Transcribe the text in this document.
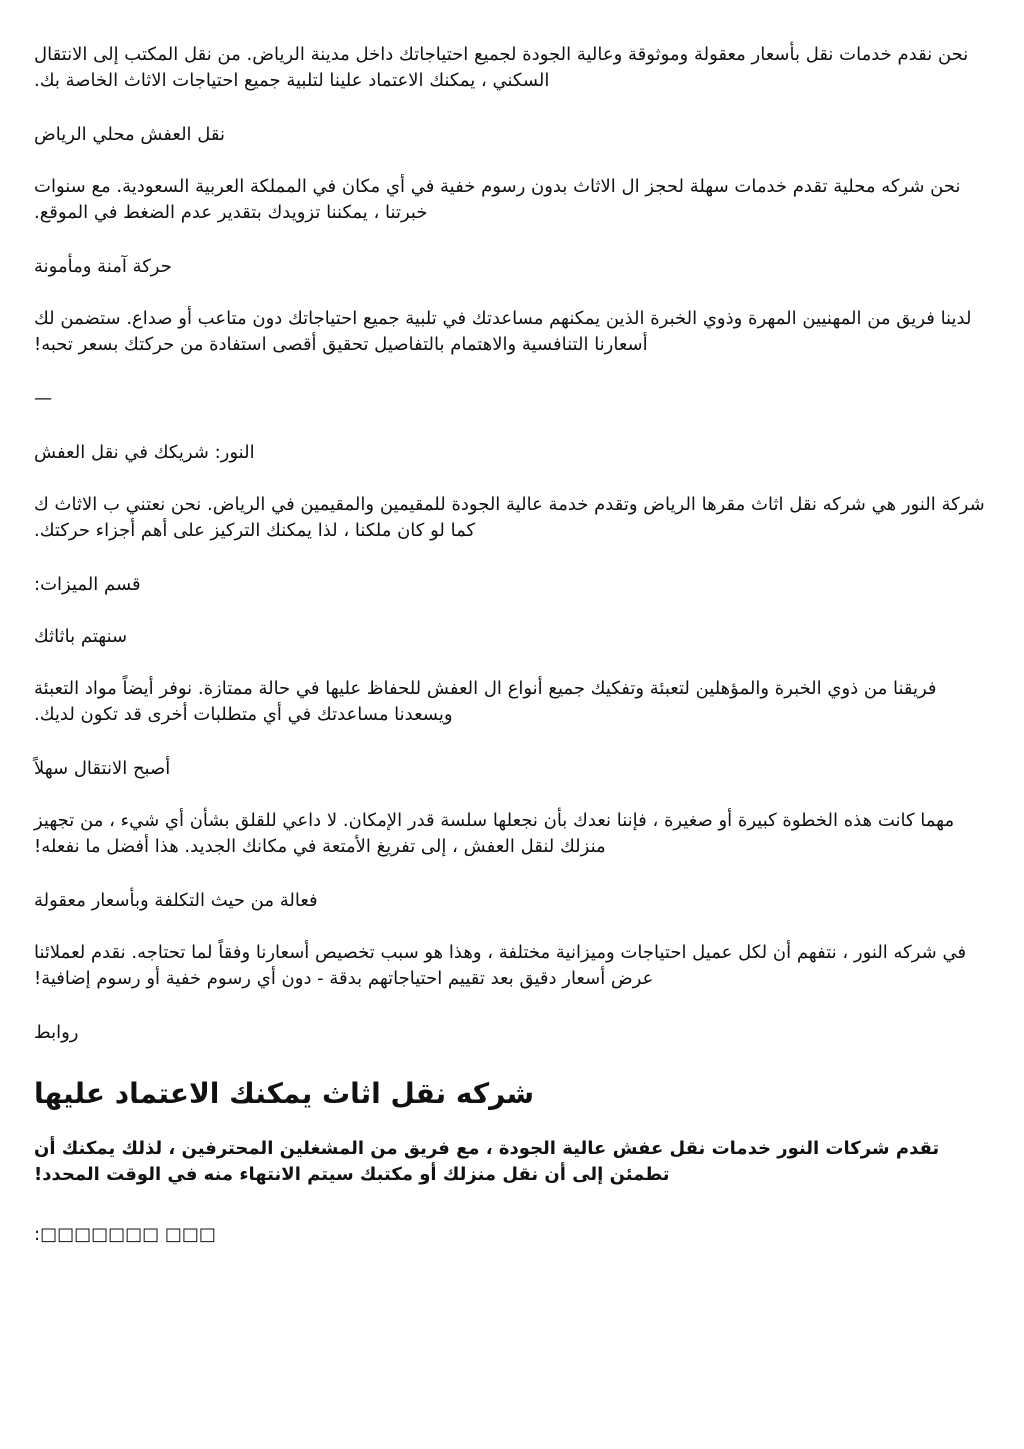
نحن نقدم خدمات نقل بأسعار معقولة وموثوقة وعالية الجودة لجميع احتياجاتك داخل مدينة الرياض. من نقل المكتب إلى الانتقال السكني ، يمكنك الاعتماد علينا لتلبية جميع احتياجات الاثاث الخاصة بك.

نقل العفش محلي الرياض

نحن شركه محلية تقدم خدمات سهلة لحجز ال الاثاث بدون رسوم خفية في أي مكان في المملكة العربية السعودية. مع سنوات خبرتنا ، يمكننا تزويدك بتقدير عدم الضغط في الموقع.

حركة آمنة ومأمونة

لدينا فريق من المهنيين المهرة وذوي الخبرة الذين يمكنهم مساعدتك في تلبية جميع احتياجاتك دون متاعب أو صداع. ستضمن لك أسعارنا التنافسية والاهتمام بالتفاصيل تحقيق أقصى استفادة من حركتك بسعر تحبه!

—

النور: شريكك في نقل العفش

شركة النور هي شركه نقل اثاث مقرها الرياض وتقدم خدمة عالية الجودة للمقيمين والمقيمين في الرياض. نحن نعتني ب الاثاث ك كما لو كان ملكنا ، لذا يمكنك التركيز على أهم أجزاء حركتك.

قسم الميزات:

سنهتم باثاثك

فريقنا من ذوي الخبرة والمؤهلين لتعبئة وتفكيك جميع أنواع ال العفش للحفاظ عليها في حالة ممتازة. نوفر أيضاً مواد التعبئة ويسعدنا مساعدتك في أي متطلبات أخرى قد تكون لديك.

أصبح الانتقال سهلاً

مهما كانت هذه الخطوة كبيرة أو صغيرة ، فإننا نعدك بأن نجعلها سلسة قدر الإمكان. لا داعي للقلق بشأن أي شيء ، من تجهيز منزلك لنقل العفش ، إلى تفريغ الأمتعة في مكانك الجديد. هذا أفضل ما نفعله!

فعالة من حيث التكلفة وبأسعار معقولة

في شركه النور ، نتفهم أن لكل عميل احتياجات وميزانية مختلفة ، وهذا هو سبب تخصيص أسعارنا وفقاً لما تحتاجه. نقدم لعملائنا عرض أسعار دقيق بعد تقييم احتياجاتهم بدقة - دون أي رسوم خفية أو رسوم إضافية!

روابط

شركه نقل اثاث يمكنك الاعتماد عليها

تقدم شركات النور خدمات نقل عفش عالية الجودة ، مع فريق من المشغلين المحترفين ، لذلك يمكنك أن تطمئن إلى أن نقل منزلك أو مكتبك سيتم الانتهاء منه في الوقت المحدد!

□□□ □□□□□□□:
